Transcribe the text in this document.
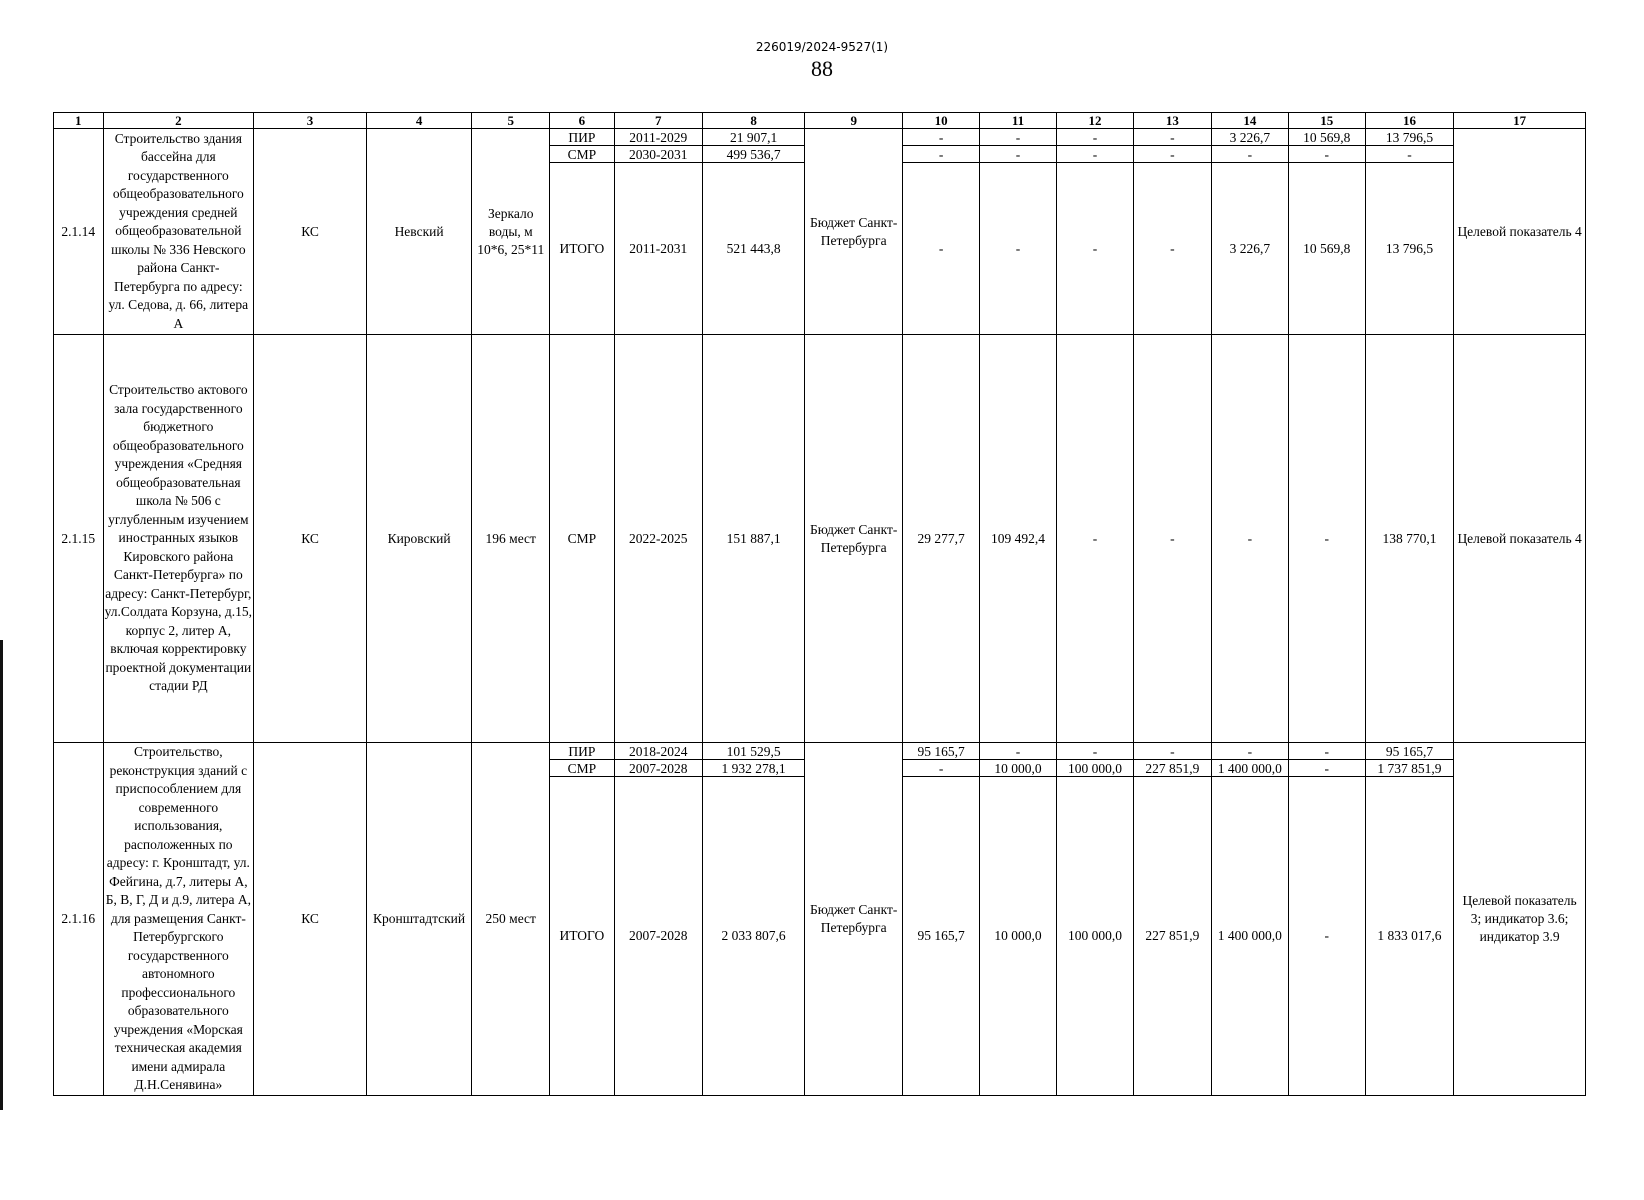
226019/2024-9527(1)
88
1	2	3	4	5	6	7	8	9	10	11	12	13	14	15	16	17
2.1.14	Строительство здания бассейна для государственного общеобразовательного учреждения средней общеобразовательной школы № 336 Невского района Санкт-Петербурга по адресу: ул. Седова, д. 66, литера А	КС	Невский	Зеркало воды, м 10*6, 25*11	ПИР	2011-2029	21 907,1	Бюджет Санкт-Петербурга	-	-	-	-	3 226,7	10 569,8	13 796,5	Целевой показатель 4
					СМР	2030-2031	499 536,7		-	-	-	-	-	-	-	
					ИТОГО	2011-2031	521 443,8		-	-	-	-	3 226,7	10 569,8	13 796,5	
2.1.15	Строительство актового зала государственного бюджетного общеобразовательного учреждения «Средняя общеобразовательная школа № 506 с углубленным изучением иностранных языков Кировского района Санкт-Петербурга» по адресу: Санкт-Петербург, ул.Солдата Корзуна, д.15, корпус 2, литер А, включая корректировку проектной документации стадии РД	КС	Кировский	196 мест	СМР	2022-2025	151 887,1	Бюджет Санкт-Петербурга	29 277,7	109 492,4	-	-	-	-	138 770,1	Целевой показатель 4
2.1.16	Строительство, реконструкция зданий с приспособлением для современного использования, расположенных по адресу: г. Кронштадт, ул. Фейгина, д.7, литеры А, Б, В, Г, Д и д.9, литера А, для размещения Санкт-Петербургского государственного автономного профессионального образовательного учреждения «Морская техническая академия имени адмирала Д.Н.Сенявина»	КС	Кронштадтский	250 мест	ПИР	2018-2024	101 529,5	Бюджет Санкт-Петербурга	95 165,7	-	-	-	-	-	95 165,7	Целевой показатель 3; индикатор 3.6; индикатор 3.9
					СМР	2007-2028	1 932 278,1		-	10 000,0	100 000,0	227 851,9	1 400 000,0	-	1 737 851,9	
					ИТОГО	2007-2028	2 033 807,6		95 165,7	10 000,0	100 000,0	227 851,9	1 400 000,0	-	1 833 017,6	
